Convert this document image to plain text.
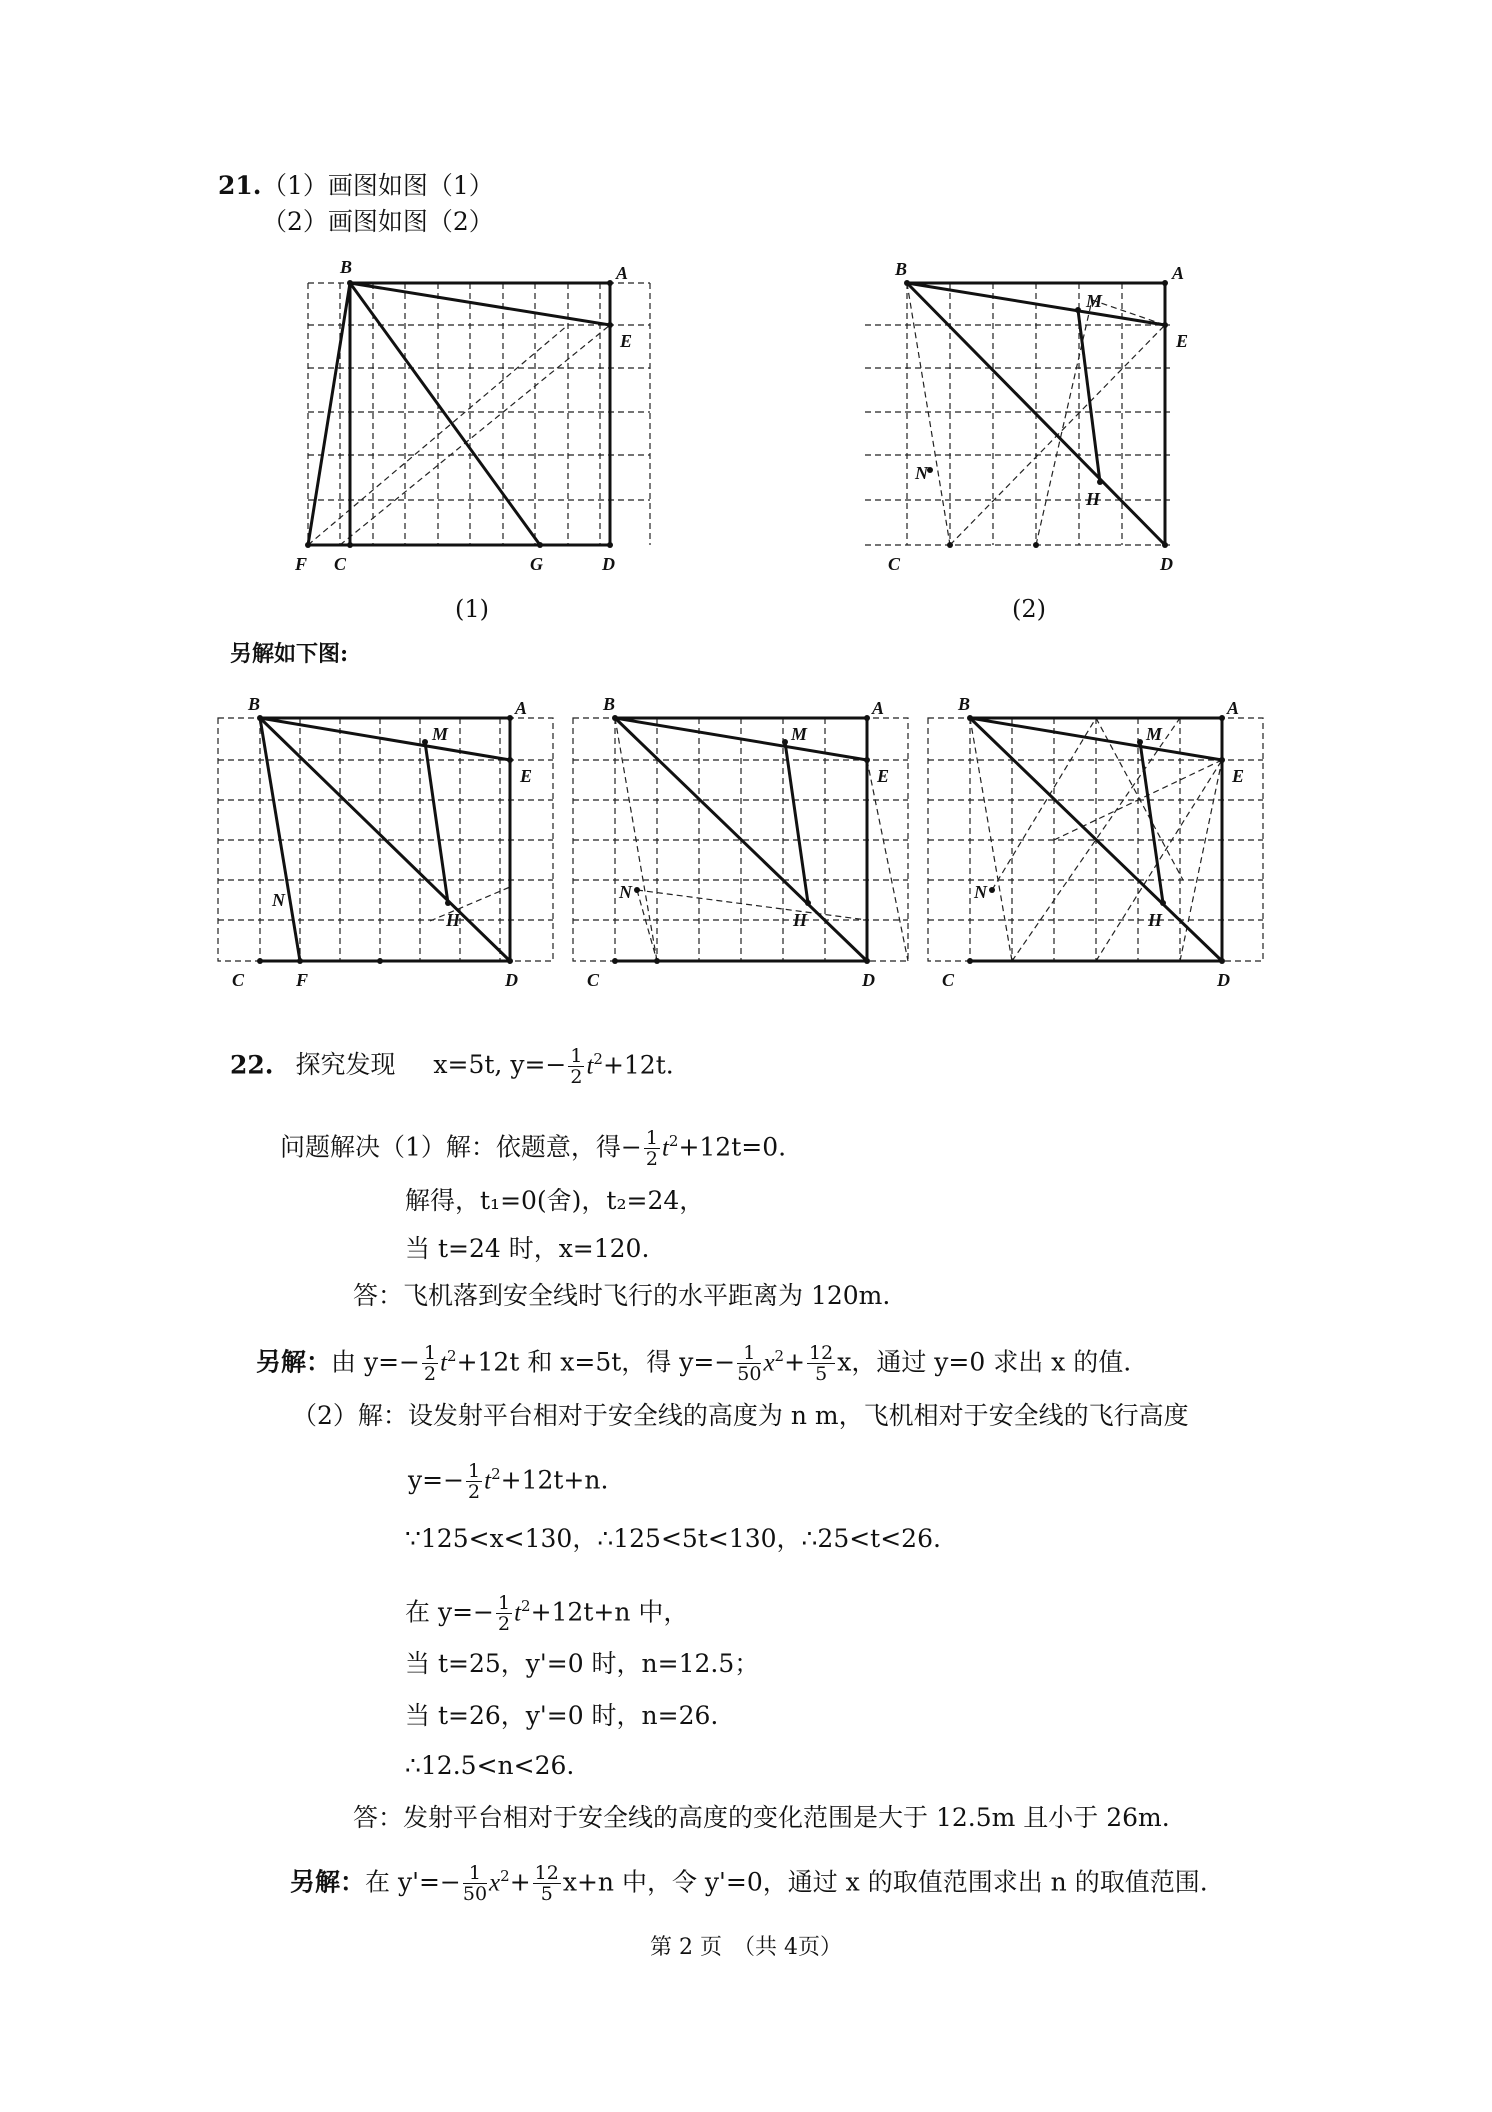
21. （1）画图如图（1）
（2）画图如图（2）
B	A
E
F C	G	D
(1)
B	A
M
E
N
H
C	D
(2)
另解如下图:
B	A
M
E
N
H
C	F	D
B	A
M
E
N
H
C	D
B	A
M
E
N
H
C	D
22. 探究发现 x=5t, $y=- \frac{1}{2} t^2+12t$.
问题解决（1）解：依题意，得− $\frac{1}{2} t^2+12t=0$.
解得，t₁=0(舍)，t₂=24，
当 t=24 时，x=120.
答：飞机落到安全线时飞行的水平距离为 120m.
另解：由 $y=- \frac{1}{2} t^2+12t$ 和 x=5t，得 $y=- \frac{1}{50} x^2+ \frac{12}{5}$ x，通过 y=0 求出 x 的值.
（2）解：设发射平台相对于安全线的高度为 n m，飞机相对于安全线的飞行高度
$y=- \frac{1}{2} t^2+12t+n$.
∵125<x<130，∴125<5t<130，∴25<t<26.
在 $y=- \frac{1}{2} t^2+12t+n$ 中，
当 t=25，y'=0 时，n=12.5；
当 t=26，y'=0 时，n=26.
∴12.5<n<26.
答：发射平台相对于安全线的高度的变化范围是大于 12.5m 且小于 26m.
另解：在 $y'=- \frac{1}{50} x^2+ \frac{12}{5} x+n$ 中，令 y'=0，通过 x 的取值范围求出 n 的取值范围.
第 2 页　（共 4页）
